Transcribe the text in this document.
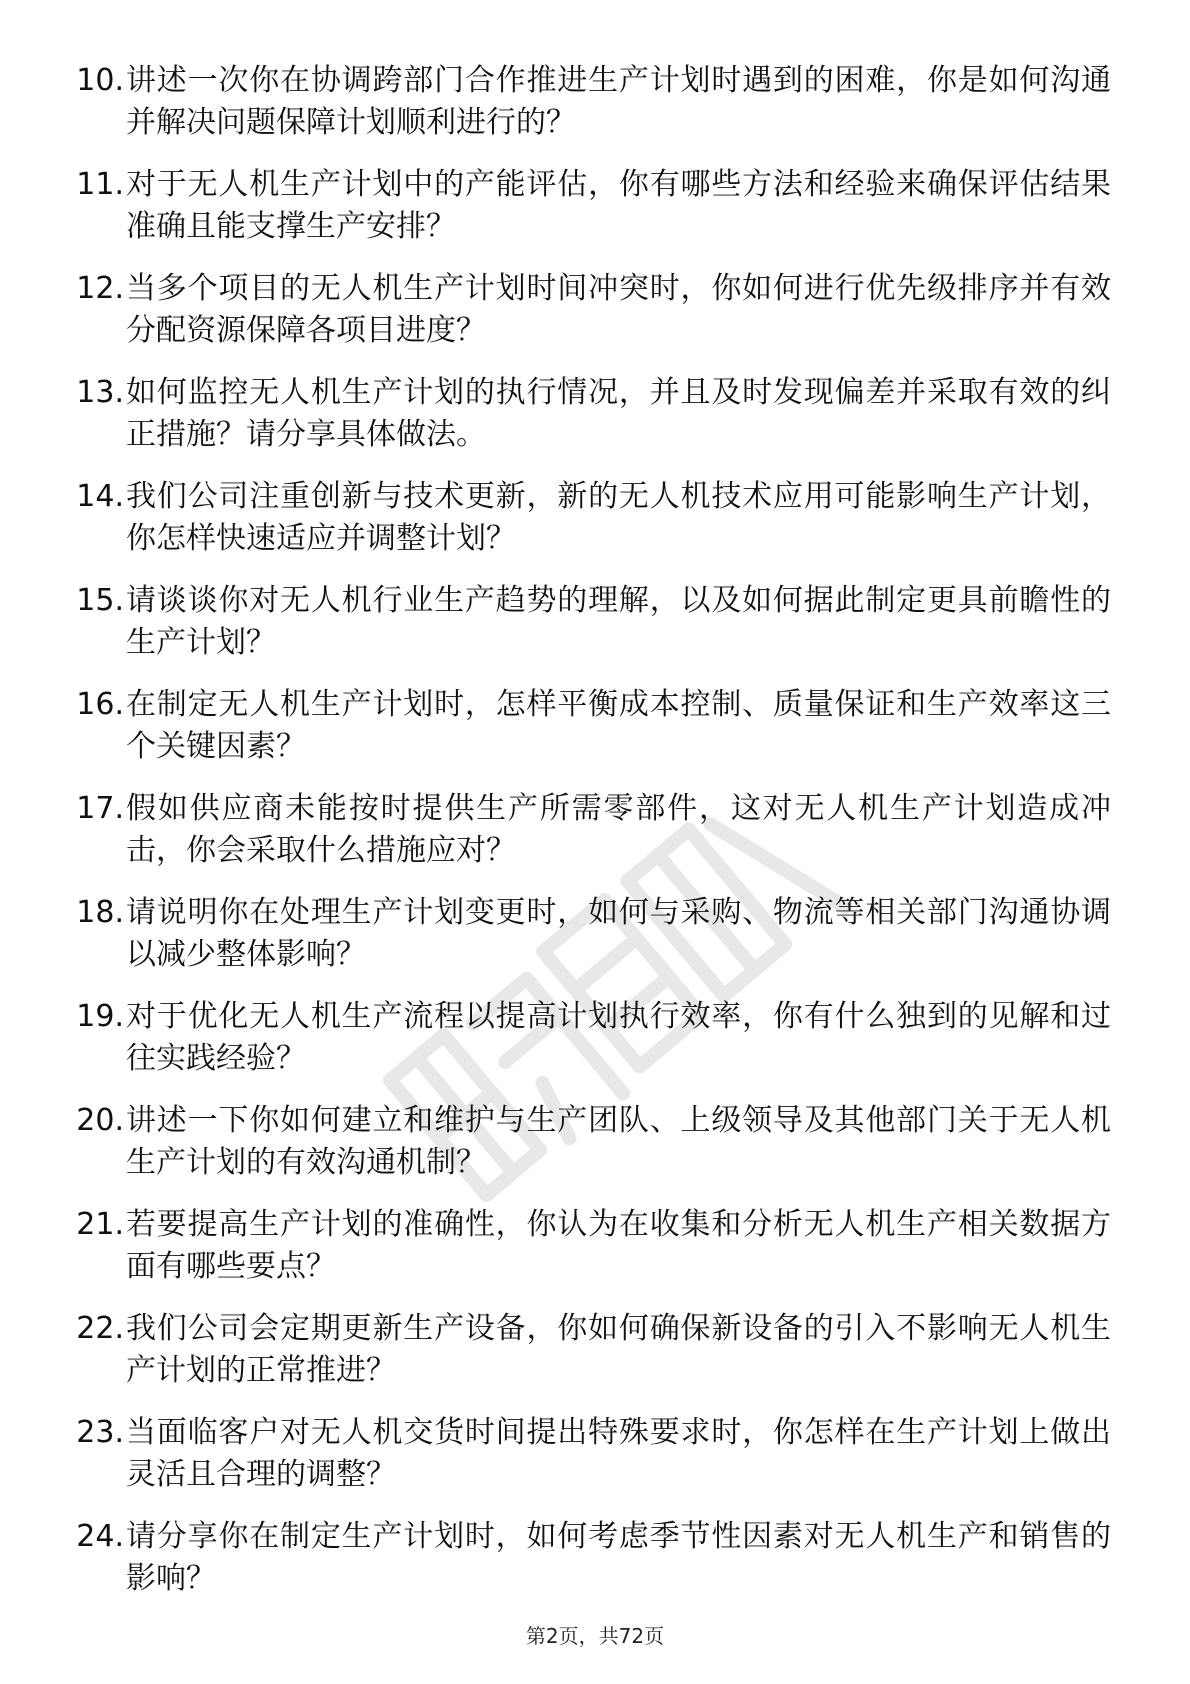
10. 讲述一次你在协调跨部门合作推进生产计划时遇到的困难，你是如何沟通并解决问题保障计划顺利进行的？
11. 对于无人机生产计划中的产能评估，你有哪些方法和经验来确保评估结果准确且能支撑生产安排？
12. 当多个项目的无人机生产计划时间冲突时，你如何进行优先级排序并有效分配资源保障各项目进度？
13. 如何监控无人机生产计划的执行情况，并且及时发现偏差并采取有效的纠正措施？请分享具体做法。
14. 我们公司注重创新与技术更新，新的无人机技术应用可能影响生产计划，你怎样快速适应并调整计划？
15. 请谈谈你对无人机行业生产趋势的理解，以及如何据此制定更具前瞻性的生产计划？
16. 在制定无人机生产计划时，怎样平衡成本控制、质量保证和生产效率这三个关键因素？
17. 假如供应商未能按时提供生产所需零部件，这对无人机生产计划造成冲击，你会采取什么措施应对？
18. 请说明你在处理生产计划变更时，如何与采购、物流等相关部门沟通协调以减少整体影响？
19. 对于优化无人机生产流程以提高计划执行效率，你有什么独到的见解和过往实践经验？
20. 讲述一下你如何建立和维护与生产团队、上级领导及其他部门关于无人机生产计划的有效沟通机制？
21. 若要提高生产计划的准确性，你认为在收集和分析无人机生产相关数据方面有哪些要点？
22. 我们公司会定期更新生产设备，你如何确保新设备的引入不影响无人机生产计划的正常推进？
23. 当面临客户对无人机交货时间提出特殊要求时，你怎样在生产计划上做出灵活且合理的调整？
24. 请分享你在制定生产计划时，如何考虑季节性因素对无人机生产和销售的影响？
第2页，共72页
